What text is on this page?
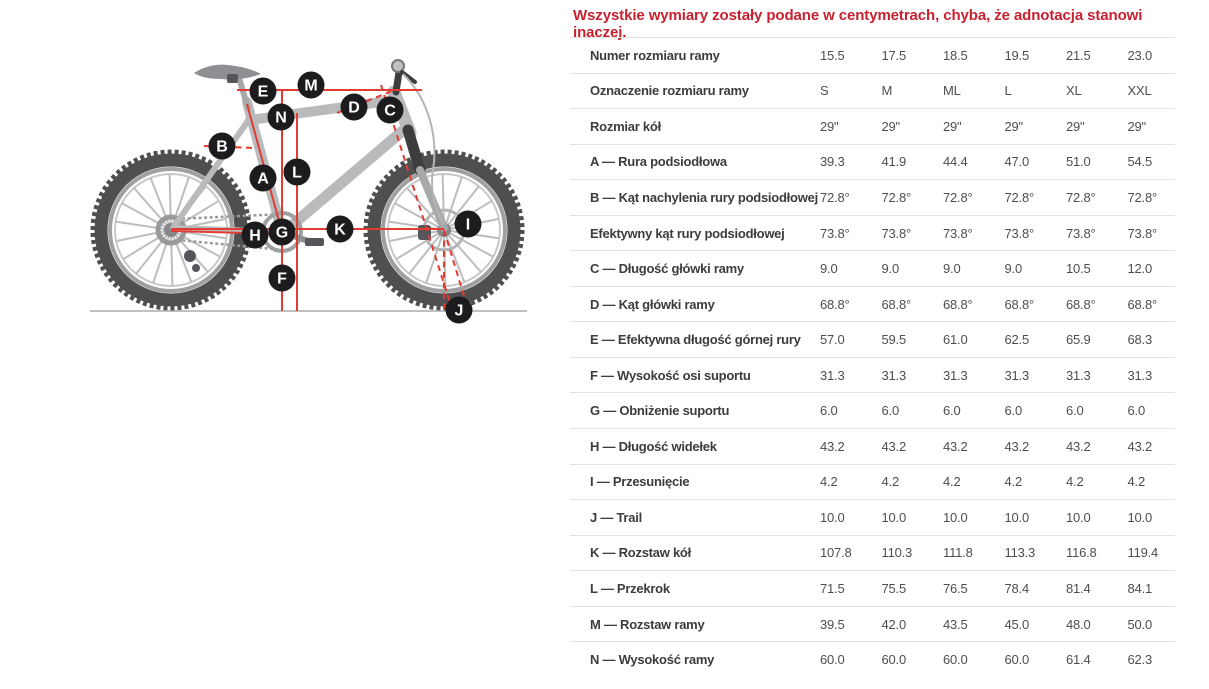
Wszystkie wymiary zostały podane w centymetrach, chyba, że adnotacja stanowi inaczej.
A
B
C
D
E
F
G
H
I
J
K
L
M
N
Numer rozmiaru ramy	15.5	17.5	18.5	19.5	21.5	23.0
Oznaczenie rozmiaru ramy	S	M	ML	L	XL	XXL
Rozmiar kół	29"	29"	29"	29"	29"	29"
A — Rura podsiodłowa	39.3	41.9	44.4	47.0	51.0	54.5
B — Kąt nachylenia rury podsiodłowej 72.8°	72.8°	72.8°	72.8°	72.8°	72.8°
Efektywny kąt rury podsiodłowej	73.8°	73.8°	73.8°	73.8°	73.8°	73.8°
C — Długość główki ramy	9.0	9.0	9.0	9.0	10.5	12.0
D — Kąt główki ramy	68.8°	68.8°	68.8°	68.8°	68.8°	68.8°
E — Efektywna długość górnej rury	57.0	59.5	61.0	62.5	65.9	68.3
F — Wysokość osi suportu	31.3	31.3	31.3	31.3	31.3	31.3
G — Obniżenie suportu	6.0	6.0	6.0	6.0	6.0	6.0
H — Długość widełek	43.2	43.2	43.2	43.2	43.2	43.2
I — Przesunięcie	4.2	4.2	4.2	4.2	4.2	4.2
J — Trail	10.0	10.0	10.0	10.0	10.0	10.0
K — Rozstaw kół	107.8	110.3	111.8	113.3	116.8	119.4
L — Przekrok	71.5	75.5	76.5	78.4	81.4	84.1
M — Rozstaw ramy	39.5	42.0	43.5	45.0	48.0	50.0
N — Wysokość ramy	60.0	60.0	60.0	60.0	61.4	62.3
